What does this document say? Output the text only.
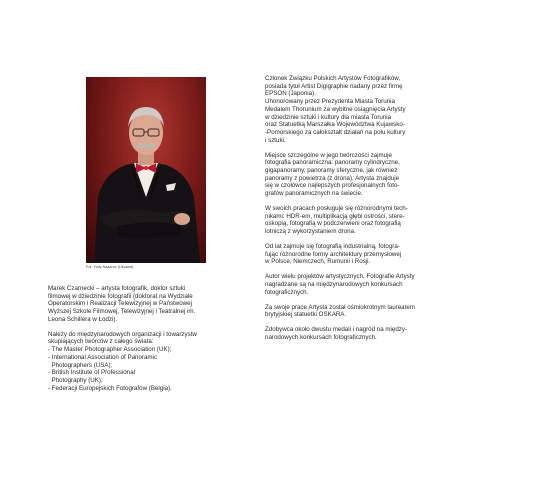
Fot. Yuliy Nazarov (Ukraina)

Marek Czarnecki – artysta fotografik, doktor sztuki
filmowej w dziedzinie fotografii (doktorat na Wydziale
Operatorskim i Realizacji Telewizyjnej w Państwowej
Wyższej Szkole Filmowej, Telewizyjnej i Teatralnej im.
Leona Schillera w Łodzi).

Należy do międzynarodowych organizacji i towarzystw
skupiających twórców z całego świata:

- The Master Photographer Association (UK);
- International Association of Panoramic
Photographers (USA);
- British Institute of Professional
Photography (UK);
- Federacji Europejskich Fotografów (Belgia).

Członek Związku Polskich Artystów Fotografików,
posiada tytuł Artist Digigraphie nadany przez firmę
EPSON (Japonia).
Uhonorowany przez Prezydenta Miasta Torunia
Medalem Thorunium za wybitne osiągnięcia Artysty
w dziedzinie sztuki i kultury dla miasta Torunia
oraz Statuetką Marszałka Województwa Kujawsko-
-Pomorskiego za całokształt działań na polu kultury
i sztuki.

Miejsce szczególne w jego twórczości zajmuje
fotografia panoramiczna: panoramy cylindryczne,
gigapanoramy, panoramy sferyczne, jak również
panoramy z powietrza (z drona). Artysta znajduje
się w czołówce najlepszych profesjonalnych foto-
grafów panoramicznych na świecie.

W swoich pracach posługuje się różnorodnymi tech-
nikami: HDR-em, multiplikacją głębi ostrości, stere-
oskopią, fotografią w podczerwieni oraz fotografią
lotniczą z wykorzystaniem drona.

Od lat zajmuje się fotografią industrialną, fotogra-
fując różnorodne formy architektury przemysłowej
w Polsce, Niemczech, Rumunii i Rosji.

Autor wielu projektów artystycznych. Fotografie Artysty
nagradzane są na międzynarodowych konkursach
fotograficznych.

Za swoje prace Artysta został ośmiokrotnym laureatem
brytyjskiej statuetki OSKARA.

Zdobywca około dwustu medali i nagród na między-
narodowych konkursach fotograficznych.
